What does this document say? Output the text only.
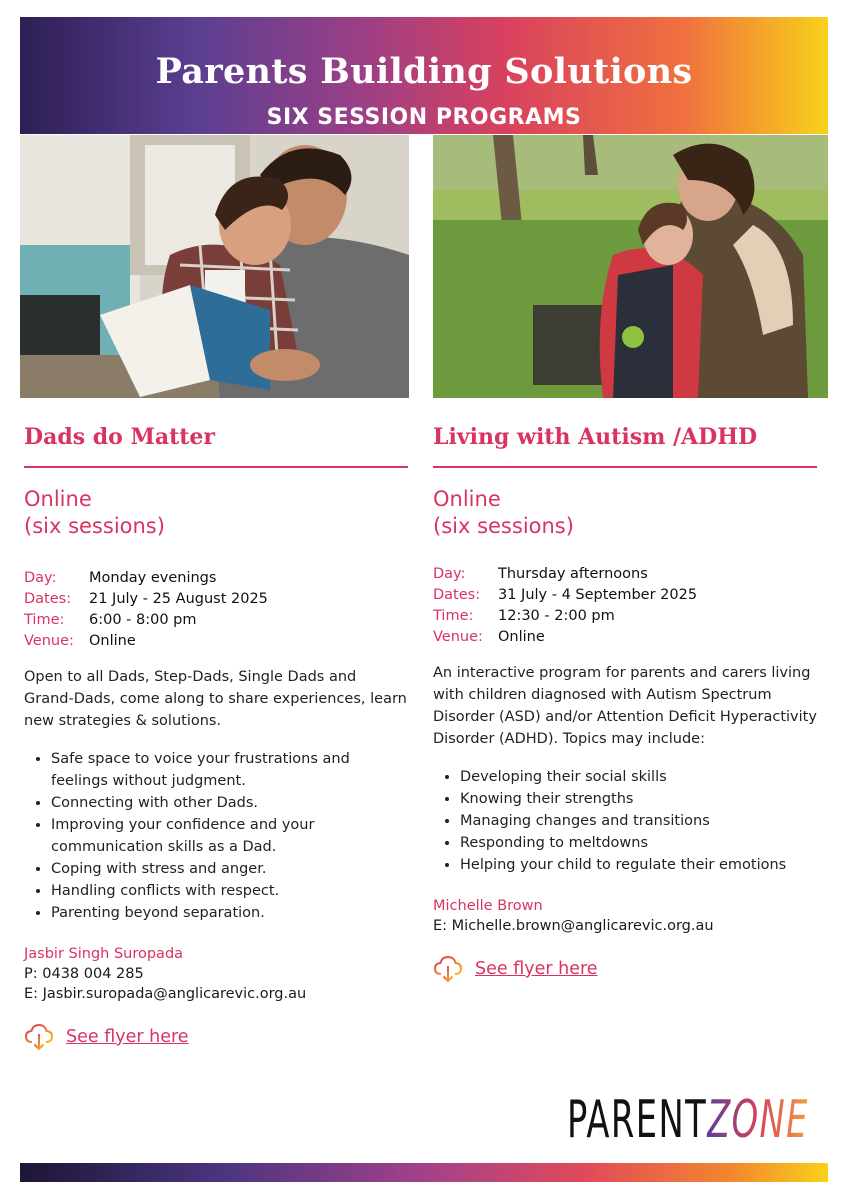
Parents Building Solutions
SIX SESSION PROGRAMS
Dads do Matter
Online
(six sessions)
Day:	Monday evenings
Dates:	21 July - 25 August 2025
Time:	6:00 - 8:00 pm
Venue:	Online
Open to all Dads, Step-Dads, Single Dads and Grand-Dads, come along to share experiences, learn new strategies & solutions.
• Safe space to voice your frustrations and feelings without judgment.
• Connecting with other Dads.
• Improving your confidence and your communication skills as a Dad.
• Coping with stress and anger.
• Handling conflicts with respect.
• Parenting beyond separation.
Jasbir Singh Suropada
P: 0438 004 285
E: Jasbir.suropada@anglicarevic.org.au
See flyer here
Living with Autism /ADHD
Online
(six sessions)
Day:	Thursday afternoons
Dates:	31 July - 4 September 2025
Time:	12:30 - 2:00 pm
Venue:	Online
An interactive program for parents and carers living with children diagnosed with Autism Spectrum Disorder (ASD) and/or Attention Deficit Hyperactivity Disorder (ADHD). Topics may include:
• Developing their social skills
• Knowing their strengths
• Managing changes and transitions
• Responding to meltdowns
• Helping your child to regulate their emotions
Michelle Brown
E: Michelle.brown@anglicarevic.org.au
See flyer here
PARENTZONE
